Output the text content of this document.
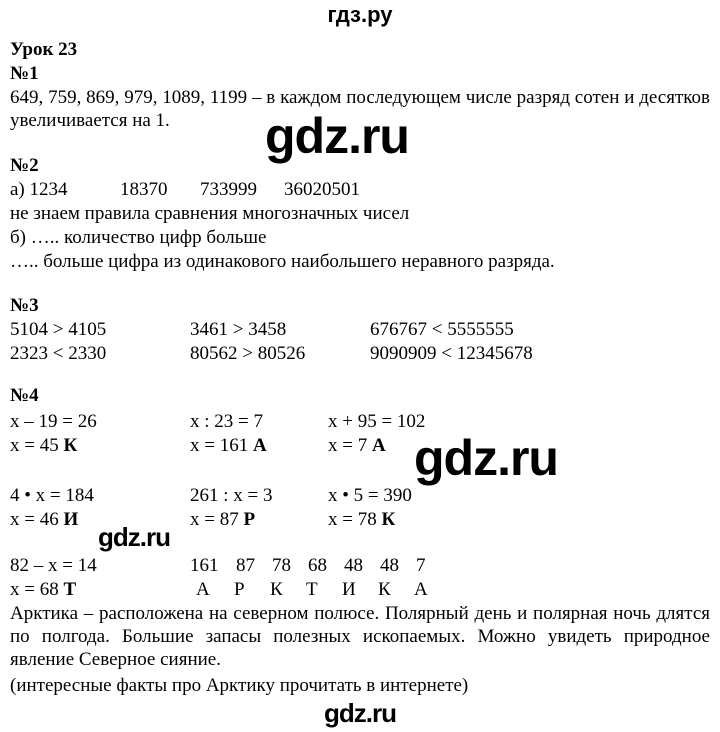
гдз.ру
Урок 23
№1
649, 759, 869, 979, 1089, 1199 – в каждом последующем числе разряд сотен и десятков увеличивается на 1.
№2
а) 1234	18370 733999 36020501
не знаем правила сравнения многозначных чисел
б) ….. количество цифр больше
….. больше цифра из одинакового наибольшего неравного разряда.
№3
5104 > 4105	3461 > 3458	676767 < 5555555
2323 < 2330	80562 > 80526	9090909 < 12345678
№4
x – 19 = 26	x : 23 = 7	x + 95 = 102
x = 45 К	x = 161 А	x = 7 А
4 • x = 184	261 : x = 3	x • 5 = 390
x = 46 И	x = 87 Р	x = 78 К
82 – x = 14
x = 68 Т
161 87 78 68 48 48 7
А Р К Т И К А
Арктика – расположена на северном полюсе. Полярный день и полярная ночь длятся по полгода. Большие запасы полезных ископаемых. Можно увидеть природное явление Северное сияние.
(интересные факты про Арктику прочитать в интернете)
gdz.ru
gdz.ru
gdz.ru
gdz.ru
